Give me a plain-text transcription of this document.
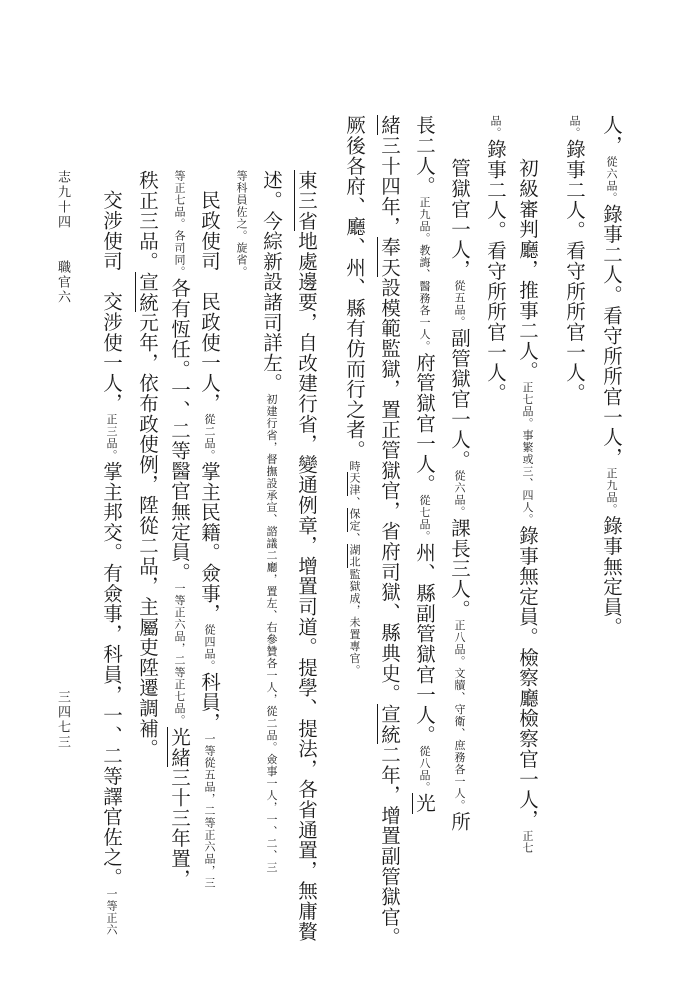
人，從六品。錄事二人。看守所所官一人，正九品。錄事無定員。
品。錄事二人。看守所所官一人。
初級審判廳，推事二人。正七品。事繁或三、四人。錄事無定員。檢察廳檢察官一人，正七
品。錄事二人。看守所所官一人。
管獄官一人，從五品。副管獄官一人。從六品。課長三人。正八品。文牘、守衛、庶務各一人。所
長二人。正九品。教誨、醫務各一人。府管獄官一人。從七品。州、縣副管獄官一人。從八品。光
緒三十四年，奉天設模範監獄，置正管獄官，省府司獄、縣典史。宣統二年，增置副管獄官。
厥後各府、廳、州、縣有仿而行之者。時天津、保定、湖北監獄成，未置專官。
東三省地處邊要，自改建行省，變通例章，增置司道。提學、提法，各省通置，無庸贅
述。今綜新設諸司詳左。初建行省，督撫設承宣、諮議二廳，置左、右參贊各一人，從二品。僉事一人，一、二、三
等科員佐之。旋省。
民政使司　民政使一人，從二品。掌主民籍。僉事，從四品。科員，一等從五品，二等正六品，三
等正七品。各司同。各有恆任。一、二等醫官無定員。一等正六品，二等正七品。光緒三十三年置，
秩正三品。宣統元年，依布政使例，陞從二品，主屬吏陞遷調補。
交涉使司　交涉使一人，正三品。掌主邦交。有僉事，科員，一、二等譯官佐之。一等正六
志九十四　　職官六
三四七三
